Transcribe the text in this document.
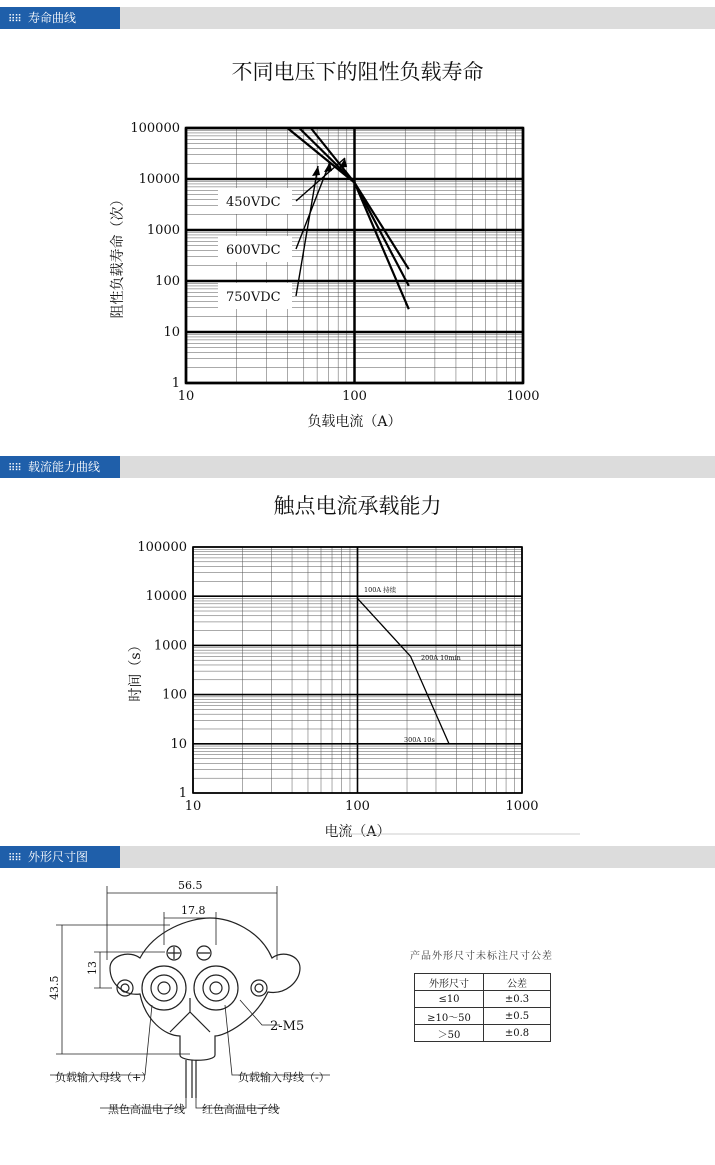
⠿⠿ 寿命曲线
不同电压下的阻性负载寿命
10	100	1000
1
10
100
1000
10000
100000
负载电流（A）
阻性负载寿命（次）	450VDC
600VDC
750VDC
⠿⠿ 载流能力曲线
触点电流承载能力
10	100	1000
1
10
100
1000
10000
100000
电流（A）
时间（s）
100A 持续
200A 10min
300A 10s
⠿⠿ 外形尺寸图
56.5
17.8
43.5
13
2-M5
负载输入母线（+）	负载输入母线（-）
黑色高温电子线 红色高温电子线
产品外形尺寸未标注尺寸公差
外形尺寸	公差
≤10	±0.3
≥10～50	±0.5
＞50	±0.8
